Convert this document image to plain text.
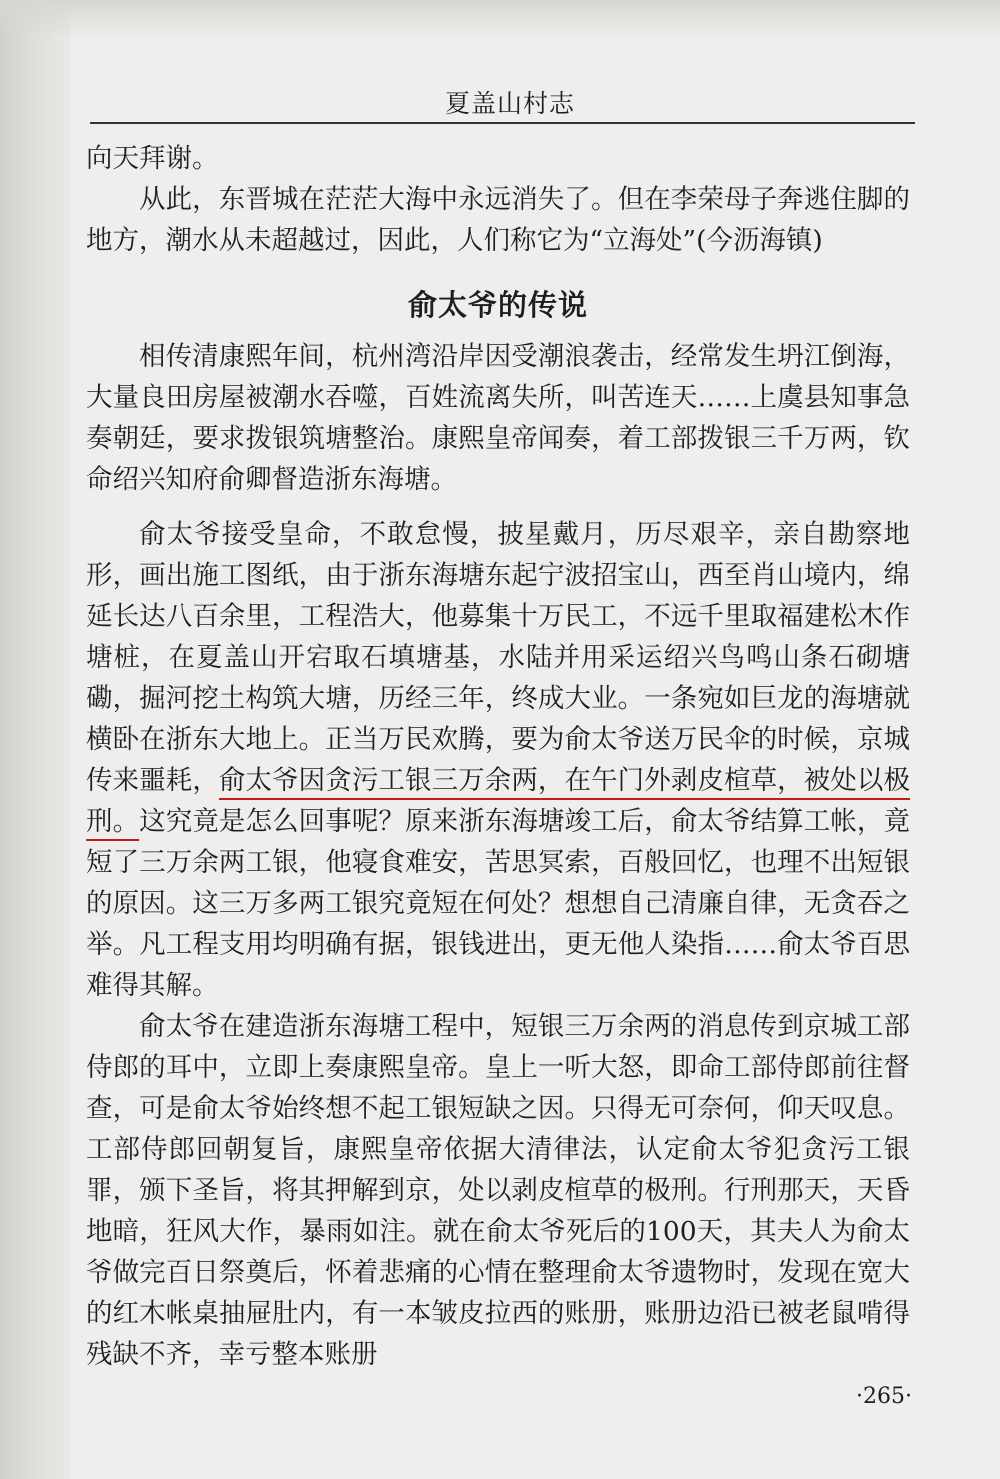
夏盖山村志

向天拜谢。

从此，东晋城在茫茫大海中永远消失了。但在李荣母子奔逃住脚的地方，潮水从未超越过，因此，人们称它为“立海处”(今沥海镇)

俞太爷的传说

相传清康熙年间，杭州湾沿岸因受潮浪袭击，经常发生坍江倒海，大量良田房屋被潮水吞噬，百姓流离失所，叫苦连天……上虞县知事急奏朝廷，要求拨银筑塘整治。康熙皇帝闻奏，着工部拨银三千万两，钦命绍兴知府俞卿督造浙东海塘。

俞太爷接受皇命，不敢怠慢，披星戴月，历尽艰辛，亲自勘察地形，画出施工图纸，由于浙东海塘东起宁波招宝山，西至肖山境内，绵延长达八百余里，工程浩大，他募集十万民工，不远千里取福建松木作塘桩，在夏盖山开宕取石填塘基，水陆并用采运绍兴鸟鸣山条石砌塘磡，掘河挖土构筑大塘，历经三年，终成大业。一条宛如巨龙的海塘就横卧在浙东大地上。正当万民欢腾，要为俞太爷送万民伞的时候，京城传来噩耗，俞太爷因贪污工银三万余两，在午门外剥皮楦草，被处以极刑。这究竟是怎么回事呢？原来浙东海塘竣工后，俞太爷结算工帐，竟短了三万余两工银，他寝食难安，苦思冥索，百般回忆，也理不出短银的原因。这三万多两工银究竟短在何处？想想自己清廉自律，无贪吞之举。凡工程支用均明确有据，银钱进出，更无他人染指……俞太爷百思难得其解。

俞太爷在建造浙东海塘工程中，短银三万余两的消息传到京城工部侍郎的耳中，立即上奏康熙皇帝。皇上一听大怒，即命工部侍郎前往督查，可是俞太爷始终想不起工银短缺之因。只得无可奈何，仰天叹息。工部侍郎回朝复旨，康熙皇帝依据大清律法，认定俞太爷犯贪污工银罪，颁下圣旨，将其押解到京，处以剥皮楦草的极刑。行刑那天，天昏地暗，狂风大作，暴雨如注。就在俞太爷死后的100天，其夫人为俞太爷做完百日祭奠后，怀着悲痛的心情在整理俞太爷遗物时，发现在宽大的红木帐桌抽屉肚内，有一本皱皮拉西的账册，账册边沿已被老鼠啃得残缺不齐，幸亏整本账册

·265·
